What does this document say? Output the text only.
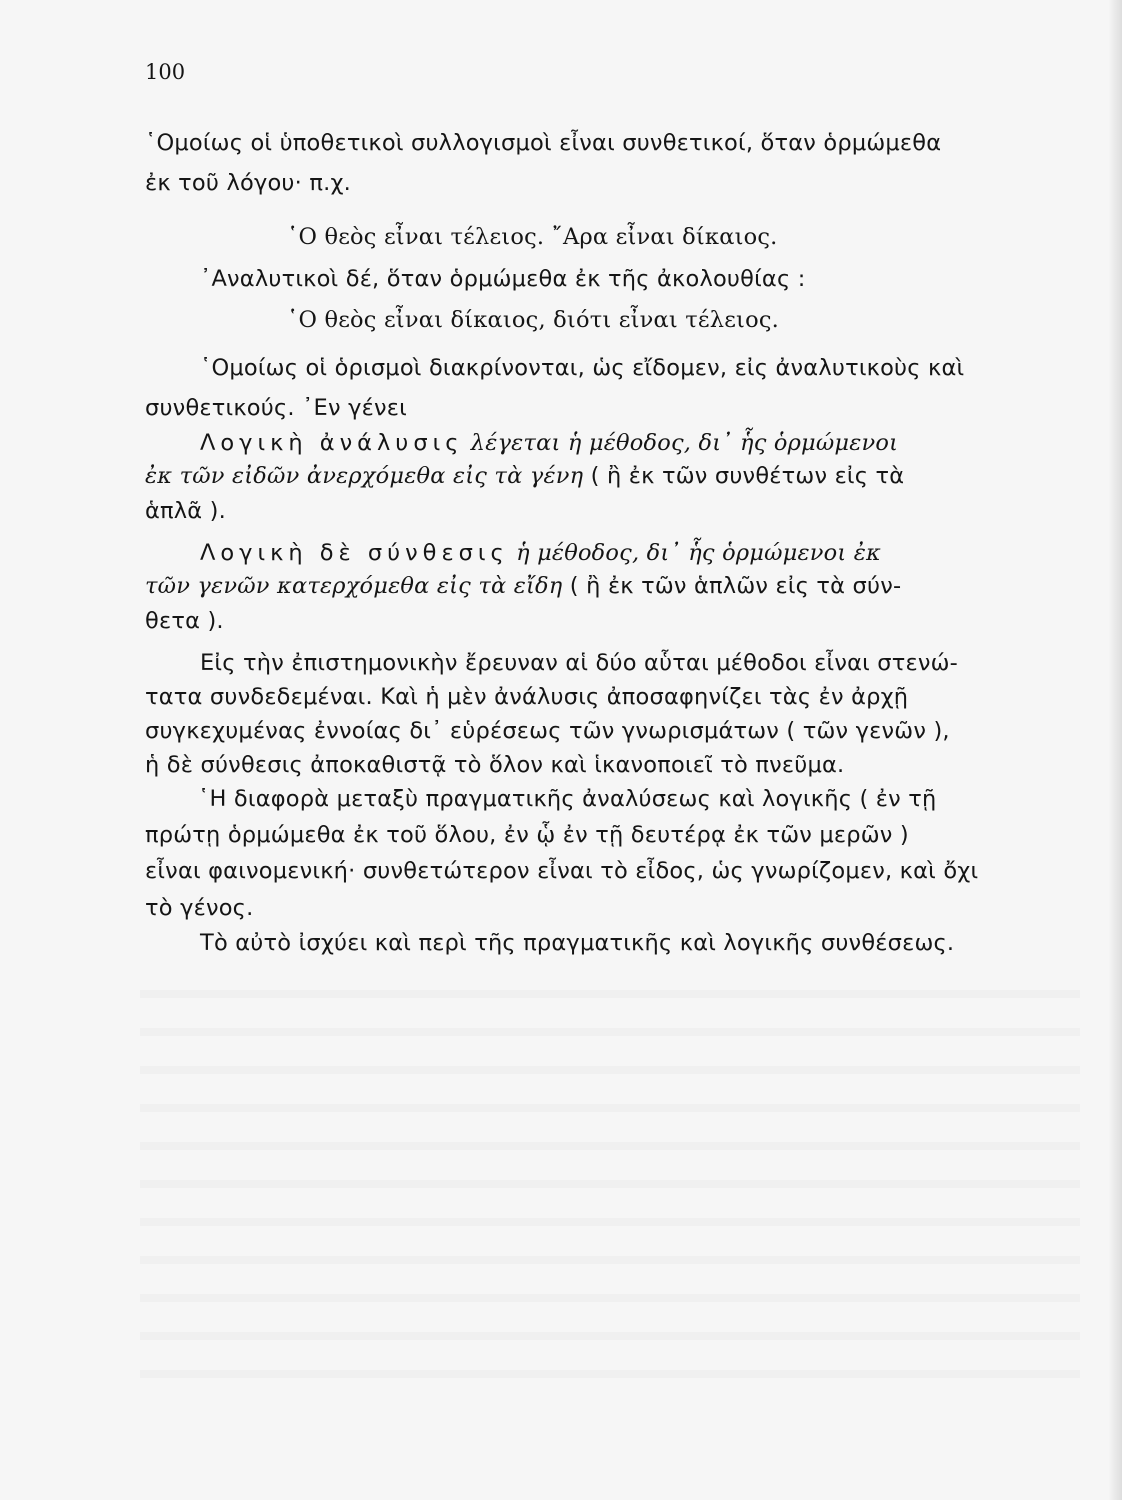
100
῾Ομοίως οἱ ὑποθετικοὶ συλλογισμοὶ εἶναι συνθετικοί, ὅταν ὁρμώμεθα
ἐκ τοῦ λόγου· π.χ.
῾Ο θεὸς εἶναι τέλειος. ῎Αρα εἶναι δίκαιος.
᾿Αναλυτικοὶ δέ, ὅταν ὁρμώμεθα ἐκ τῆς ἀκολουθίας :
῾Ο θεὸς εἶναι δίκαιος, διότι εἶναι τέλειος.
῾Ομοίως οἱ ὁρισμοὶ διακρίνονται, ὡς εἴδομεν, εἰς ἀναλυτικοὺς καὶ
συνθετικούς. ᾿Εν γένει
Λογικὴ ἀνάλυσις λέγεται ἡ μέθοδος, δι᾿ ἧς ὁρμώμενοι
ἐκ τῶν εἰδῶν ἀνερχόμεθα εἰς τὰ γένη ( ἢ ἐκ τῶν συνθέτων εἰς τὰ
ἁπλᾶ ).
Λογικὴ δὲ σύνθεσις ἡ μέθοδος, δι᾿ ἧς ὁρμώμενοι ἐκ
τῶν γενῶν κατερχόμεθα εἰς τὰ εἴδη ( ἢ ἐκ τῶν ἁπλῶν εἰς τὰ σύν-
θετα ).
Εἰς τὴν ἐπιστημονικὴν ἔρευναν αἱ δύο αὗται μέθοδοι εἶναι στενώ-
τατα συνδεδεμέναι. Καὶ ἡ μὲν ἀνάλυσις ἀποσαφηνίζει τὰς ἐν ἀρχῇ
συγκεχυμένας ἐννοίας δι᾿ εὑρέσεως τῶν γνωρισμάτων ( τῶν γενῶν ),
ἡ δὲ σύνθεσις ἀποκαθιστᾷ τὸ ὅλον καὶ ἱκανοποιεῖ τὸ πνεῦμα.
῾Η διαφορὰ μεταξὺ πραγματικῆς ἀναλύσεως καὶ λογικῆς ( ἐν τῇ
πρώτῃ ὁρμώμεθα ἐκ τοῦ ὅλου, ἐν ᾧ ἐν τῇ δευτέρᾳ ἐκ τῶν μερῶν )
εἶναι φαινομενική· συνθετώτερον εἶναι τὸ εἶδος, ὡς γνωρίζομεν, καὶ ὄχι
τὸ γένος.
Τὸ αὐτὸ ἰσχύει καὶ περὶ τῆς πραγματικῆς καὶ λογικῆς συνθέσεως.
